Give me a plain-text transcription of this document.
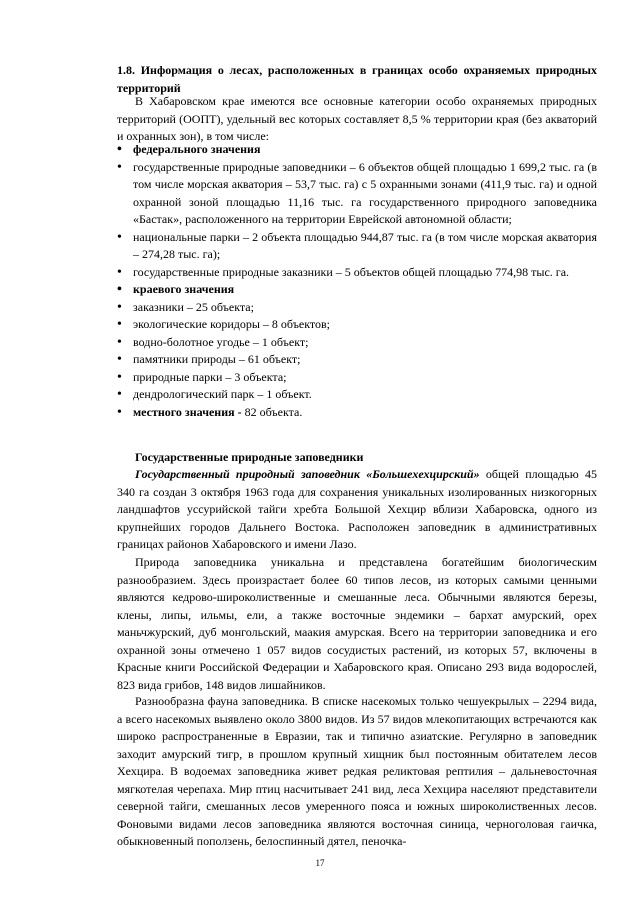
1.8. Информация о лесах, расположенных в границах особо охраняемых природных территорий
В Хабаровском крае имеются все основные категории особо охраняемых природных территорий (ООПТ), удельный вес которых составляет 8,5 % территории края (без акваторий и охранных зон), в том числе:
• федерального значения
• государственные природные заповедники – 6 объектов общей площадью 1 699,2 тыс. га (в том числе морская акватория – 53,7 тыс. га) с 5 охранными зонами (411,9 тыс. га) и одной охранной зоной площадью 11,16 тыс. га государственного природного заповедника «Бастак», расположенного на территории Еврейской автономной области;
• национальные парки – 2 объекта площадью 944,87 тыс. га (в том числе морская акватория – 274,28 тыс. га);
• государственные природные заказники – 5 объектов общей площадью 774,98 тыс. га.
• краевого значения
• заказники – 25 объекта;
• экологические коридоры – 8 объектов;
• водно-болотное угодье – 1 объект;
• памятники природы – 61 объект;
• природные парки – 3 объекта;
• дендрологический парк – 1 объект.
• местного значения - 82 объекта.
Государственные природные заповедники
Государственный природный заповедник «Большехехцирский» общей площадью 45 340 га создан 3 октября 1963 года для сохранения уникальных изолированных низкогорных ландшафтов уссурийской тайги хребта Большой Хехцир вблизи Хабаровска, одного из крупнейших городов Дальнего Востока. Расположен заповедник в административных границах районов Хабаровского и имени Лазо.
Природа заповедника уникальна и представлена богатейшим биологическим разнообразием. Здесь произрастает более 60 типов лесов, из которых самыми ценными являются кедрово-широколиственные и смешанные леса. Обычными являются березы, клены, липы, ильмы, ели, а также восточные эндемики – бархат амурский, орех маньчжурский, дуб монгольский, маакия амурская. Всего на территории заповедника и его охранной зоны отмечено 1 057 видов сосудистых растений, из которых 57, включены в Красные книги Российской Федерации и Хабаровского края. Описано 293 вида водорослей, 823 вида грибов, 148 видов лишайников.
Разнообразна фауна заповедника. В списке насекомых только чешуекрылых – 2294 вида, а всего насекомых выявлено около 3800 видов. Из 57 видов млекопитающих встречаются как широко распространенные в Евразии, так и типично азиатские. Регулярно в заповедник заходит амурский тигр, в прошлом крупный хищник был постоянным обитателем лесов Хехцира. В водоемах заповедника живет редкая реликтовая рептилия – дальневосточная мягкотелая черепаха. Мир птиц насчитывает 241 вид, леса Хехцира населяют представители северной тайги, смешанных лесов умеренного пояса и южных широколиственных лесов. Фоновыми видами лесов заповедника являются восточная синица, черноголовая гаичка, обыкновенный поползень, белоспинный дятел, пеночка-
17
